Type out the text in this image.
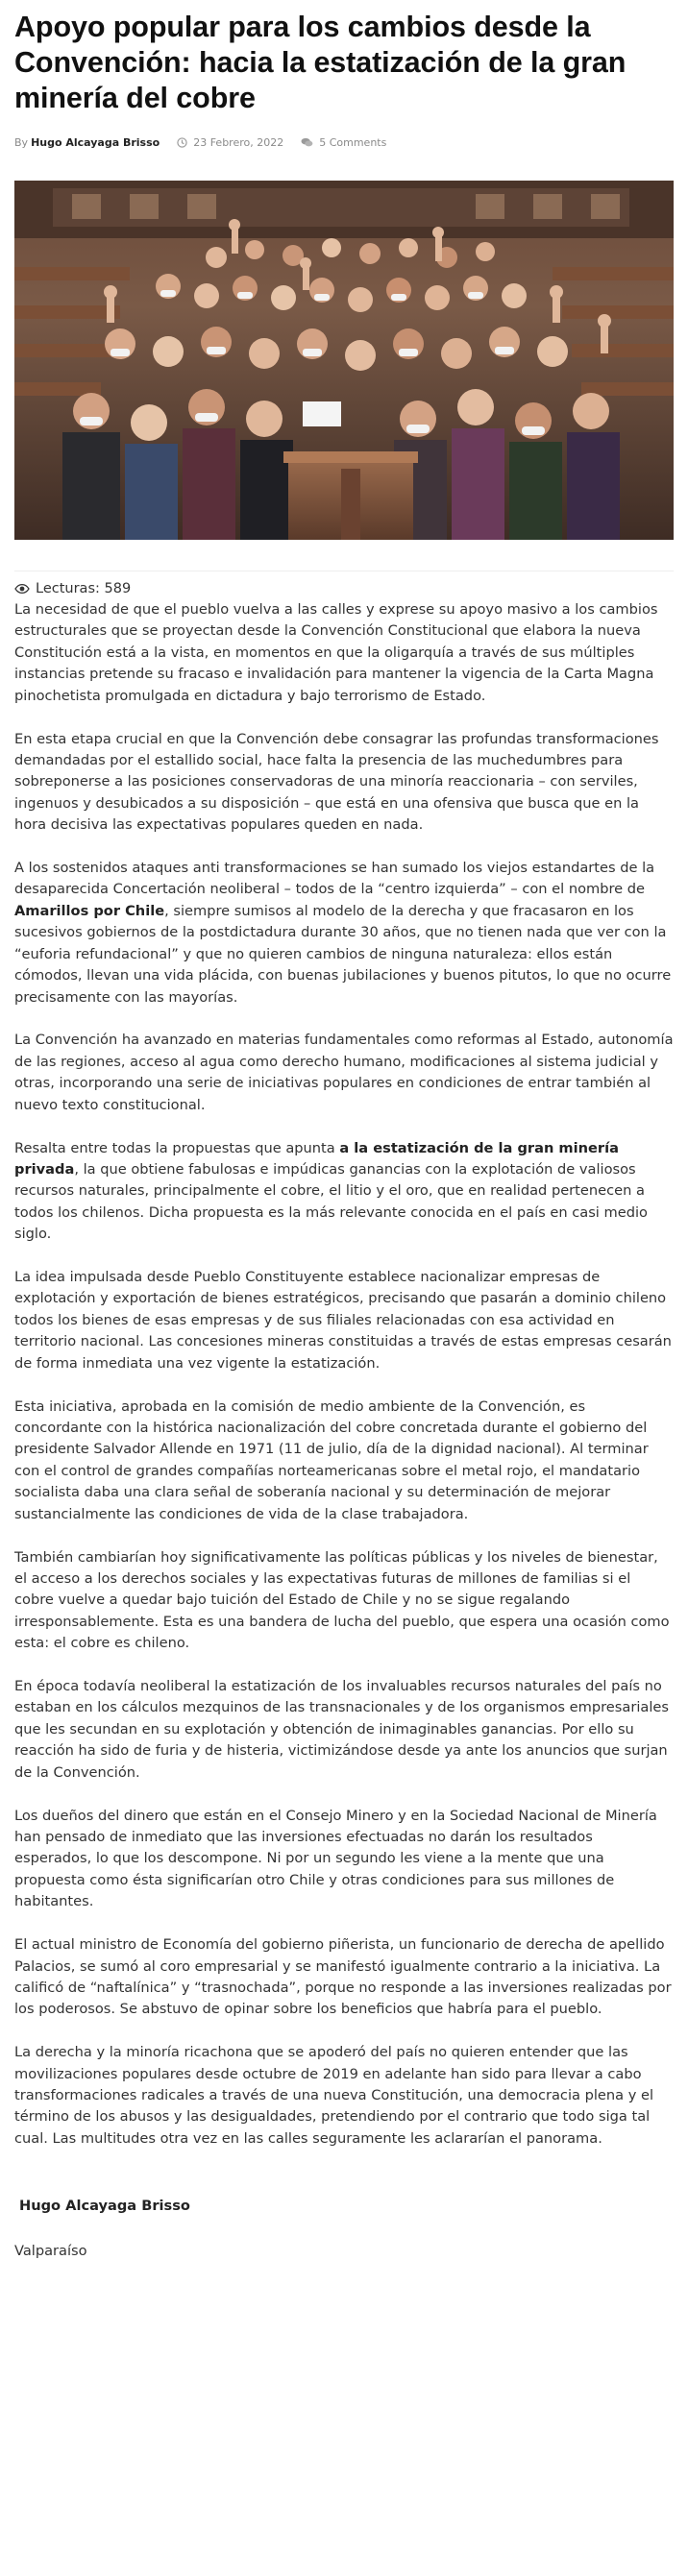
Apoyo popular para los cambios desde la Convención: hacia la estatización de la gran minería del cobre
By Hugo Alcayaga Brisso	23 Febrero, 2022	5 Comments
Lecturas: 589

La necesidad de que el pueblo vuelva a las calles y exprese su apoyo masivo a los cambios estructurales que se proyectan desde la Convención Constitucional que elabora la nueva Constitución está a la vista, en momentos en que la oligarquía a través de sus múltiples instancias pretende su fracaso e invalidación para mantener la vigencia de la Carta Magna pinochetista promulgada en dictadura y bajo terrorismo de Estado.

En esta etapa crucial en que la Convención debe consagrar las profundas transformaciones demandadas por el estallido social, hace falta la presencia de las muchedumbres para sobreponerse a las posiciones conservadoras de una minoría reaccionaria – con serviles, ingenuos y desubicados a su disposición – que está en una ofensiva que busca que en la hora decisiva las expectativas populares queden en nada.

A los sostenidos ataques anti transformaciones se han sumado los viejos estandartes de la desaparecida Concertación neoliberal – todos de la “centro izquierda” – con el nombre de Amarillos por Chile, siempre sumisos al modelo de la derecha y que fracasaron en los sucesivos gobiernos de la postdictadura durante 30 años, que no tienen nada que ver con la “euforia refundacional” y que no quieren cambios de ninguna naturaleza: ellos están cómodos, llevan una vida plácida, con buenas jubilaciones y buenos pitutos, lo que no ocurre precisamente con las mayorías.

La Convención ha avanzado en materias fundamentales como reformas al Estado, autonomía de las regiones, acceso al agua como derecho humano, modificaciones al sistema judicial y otras, incorporando una serie de iniciativas populares en condiciones de entrar también al nuevo texto constitucional.

Resalta entre todas la propuestas que apunta a la estatización de la gran minería privada, la que obtiene fabulosas e impúdicas ganancias con la explotación de valiosos recursos naturales, principalmente el cobre, el litio y el oro, que en realidad pertenecen a todos los chilenos. Dicha propuesta es la más relevante conocida en el país en casi medio siglo.

La idea impulsada desde Pueblo Constituyente establece nacionalizar empresas de explotación y exportación de bienes estratégicos, precisando que pasarán a dominio chileno todos los bienes de esas empresas y de sus filiales relacionadas con esa actividad en territorio nacional. Las concesiones mineras constituidas a través de estas empresas cesarán de forma inmediata una vez vigente la estatización.

Esta iniciativa, aprobada en la comisión de medio ambiente de la Convención, es concordante con la histórica nacionalización del cobre concretada durante el gobierno del presidente Salvador Allende en 1971 (11 de julio, día de la dignidad nacional). Al terminar con el control de grandes compañías norteamericanas sobre el metal rojo, el mandatario socialista daba una clara señal de soberanía nacional y su determinación de mejorar sustancialmente las condiciones de vida de la clase trabajadora.

También cambiarían hoy significativamente las políticas públicas y los niveles de bienestar, el acceso a los derechos sociales y las expectativas futuras de millones de familias si el cobre vuelve a quedar bajo tuición del Estado de Chile y no se sigue regalando irresponsablemente. Esta es una bandera de lucha del pueblo, que espera una ocasión como esta: el cobre es chileno.

En época todavía neoliberal la estatización de los invaluables recursos naturales del país no estaban en los cálculos mezquinos de las transnacionales y de los organismos empresariales que les secundan en su explotación y obtención de inimaginables ganancias. Por ello su reacción ha sido de furia y de histeria, victimizándose desde ya ante los anuncios que surjan de la Convención.

Los dueños del dinero que están en el Consejo Minero y en la Sociedad Nacional de Minería han pensado de inmediato que las inversiones efectuadas no darán los resultados esperados, lo que los descompone. Ni por un segundo les viene a la mente que una propuesta como ésta significarían otro Chile y otras condiciones para sus millones de habitantes.

El actual ministro de Economía del gobierno piñerista, un funcionario de derecha de apellido Palacios, se sumó al coro empresarial y se manifestó igualmente contrario a la iniciativa. La calificó de “naftalínica” y “trasnochada”, porque no responde a las inversiones realizadas por los poderosos. Se abstuvo de opinar sobre los beneficios que habría para el pueblo.

La derecha y la minoría ricachona que se apoderó del país no quieren entender que las movilizaciones populares desde octubre de 2019 en adelante han sido para llevar a cabo transformaciones radicales a través de una nueva Constitución, una democracia plena y el término de los abusos y las desigualdades, pretendiendo por el contrario que todo siga tal cual. Las multitudes otra vez en las calles seguramente les aclararían el panorama.

Hugo Alcayaga Brisso
Valparaíso
